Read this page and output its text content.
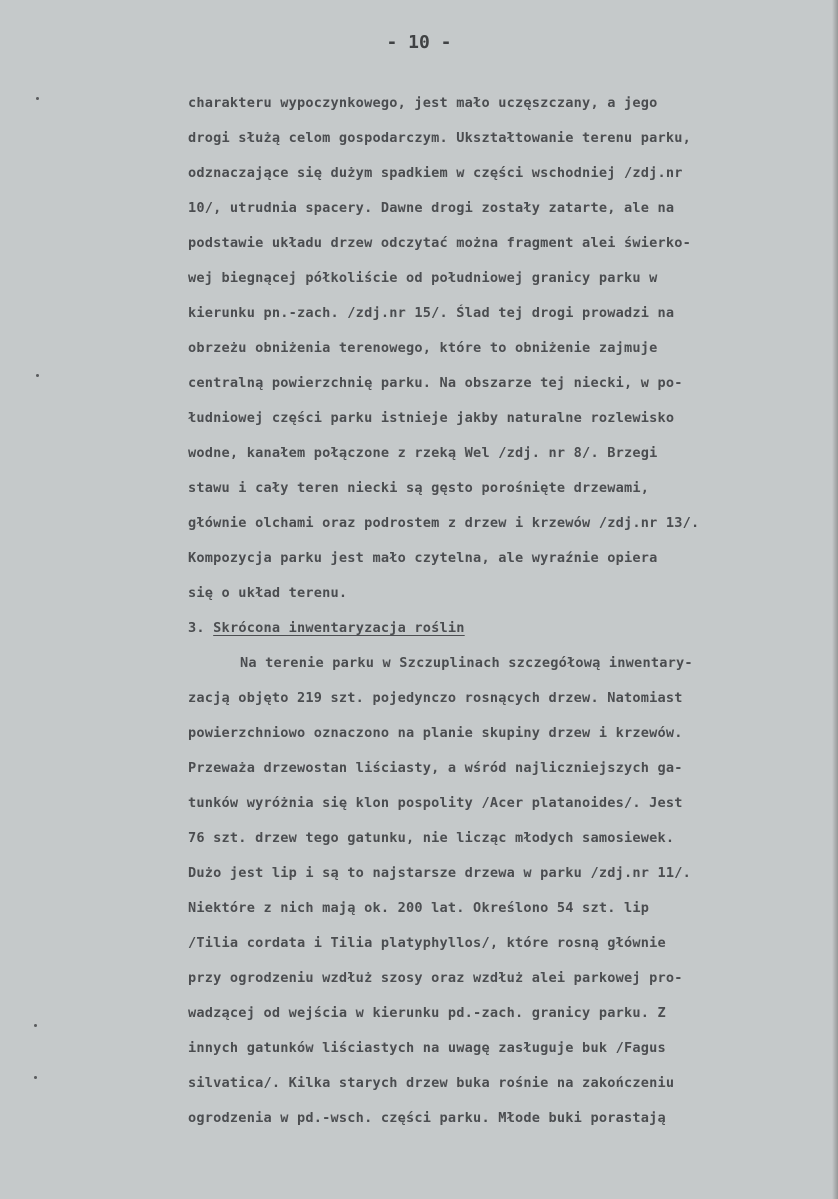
- 10 -
charakteru wypoczynkowego, jest mało uczęszczany, a jego
drogi służą celom gospodarczym. Ukształtowanie terenu parku,
odznaczające się dużym spadkiem w części wschodniej /zdj.nr
10/, utrudnia spacery. Dawne drogi zostały zatarte, ale na
podstawie układu drzew odczytać można fragment alei świerko-
wej biegnącej półkoliście od południowej granicy parku w
kierunku pn.-zach. /zdj.nr 15/. Ślad tej drogi prowadzi na
obrzeżu obniżenia terenowego, które to obniżenie zajmuje
centralną powierzchnię parku. Na obszarze tej niecki, w po-
łudniowej części parku istnieje jakby naturalne rozlewisko
wodne, kanałem połączone z rzeką Wel /zdj. nr 8/. Brzegi
stawu i cały teren niecki są gęsto porośnięte drzewami,
głównie olchami oraz podrostem z drzew i krzewów /zdj.nr 13/.
Kompozycja parku jest mało czytelna, ale wyraźnie opiera
się o układ terenu.
3. Skrócona inwentaryzacja roślin
Na terenie parku w Szczuplinach szczegółową inwentary-
zacją objęto 219 szt. pojedynczo rosnących drzew. Natomiast
powierzchniowo oznaczono na planie skupiny drzew i krzewów.
Przeważa drzewostan liściasty, a wśród najliczniejszych ga-
tunków wyróżnia się klon pospolity /Acer platanoides/. Jest
76 szt. drzew tego gatunku, nie licząc młodych samosiewek.
Dużo jest lip i są to najstarsze drzewa w parku /zdj.nr 11/.
Niektóre z nich mają ok. 200 lat. Określono 54 szt. lip
/Tilia cordata i Tilia platyphyllos/, które rosną głównie
przy ogrodzeniu wzdłuż szosy oraz wzdłuż alei parkowej pro-
wadzącej od wejścia w kierunku pd.-zach. granicy parku. Z
innych gatunków liściastych na uwagę zasługuje buk /Fagus
silvatica/. Kilka starych drzew buka rośnie na zakończeniu
ogrodzenia w pd.-wsch. części parku. Młode buki porastają
